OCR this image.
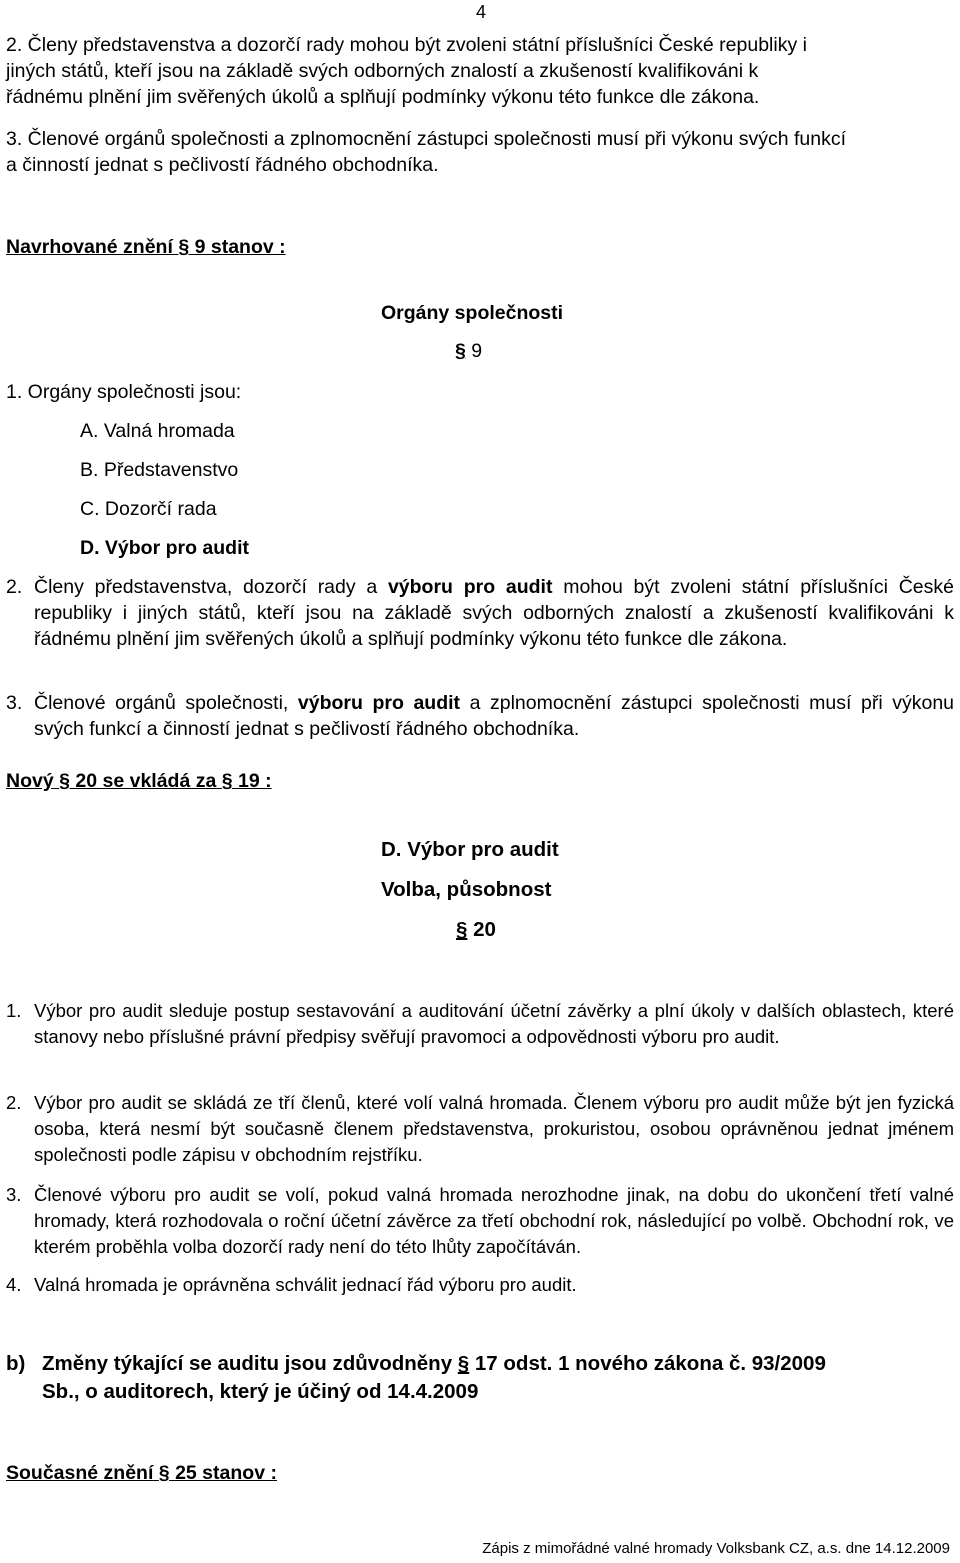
4
2. Členy představenstva a dozorčí rady mohou být zvoleni státní příslušníci České republiky i
jiných států, kteří jsou na základě svých odborných znalostí a zkušeností kvalifikováni k
řádnému plnění jim svěřených úkolů a splňují podmínky výkonu této funkce dle zákona.
3. Členové orgánů společnosti a zplnomocnění zástupci společnosti musí při výkonu svých funkcí
a činností jednat s pečlivostí řádného obchodníka.
Navrhované znění § 9 stanov :
Orgány společnosti
§ 9
1. Orgány společnosti jsou:
A. Valná hromada
B. Představenstvo
C. Dozorčí rada
D. Výbor pro audit
2. Členy představenstva, dozorčí rady a výboru pro audit mohou být zvoleni státní příslušníci České republiky i jiných států, kteří jsou na základě svých odborných znalostí a zkušeností kvalifikováni k řádnému plnění jim svěřených úkolů a splňují podmínky výkonu této funkce dle zákona.
3. Členové orgánů společnosti, výboru pro audit a zplnomocnění zástupci společnosti musí při výkonu svých funkcí a činností jednat s pečlivostí řádného obchodníka.
Nový § 20 se vkládá za § 19 :
D. Výbor pro audit
Volba, působnost
§ 20
1. Výbor pro audit sleduje postup sestavování a auditování účetní závěrky a plní úkoly v dalších oblastech, které stanovy nebo příslušné právní předpisy svěřují pravomoci a odpovědnosti výboru pro audit.
2. Výbor pro audit se skládá ze tří členů, které volí valná hromada. Členem výboru pro audit může být jen fyzická osoba, která nesmí být současně členem představenstva, prokuristou, osobou oprávněnou jednat jménem společnosti podle zápisu v obchodním rejstříku.
3. Členové výboru pro audit se volí, pokud valná hromada nerozhodne jinak, na dobu do ukončení třetí valné hromady, která rozhodovala o roční účetní závěrce za třetí obchodní rok, následující po volbě. Obchodní rok, ve kterém proběhla volba dozorčí rady není do této lhůty započítáván.
4. Valná hromada je oprávněna schválit jednací řád výboru pro audit.
b) Změny týkající se auditu jsou zdůvodněny § 17 odst. 1 nového zákona č. 93/2009
Sb., o auditorech, který je účiný od 14.4.2009
Současné znění § 25 stanov :
Zápis z mimořádné valné hromady Volksbank CZ, a.s. dne 14.12.2009
